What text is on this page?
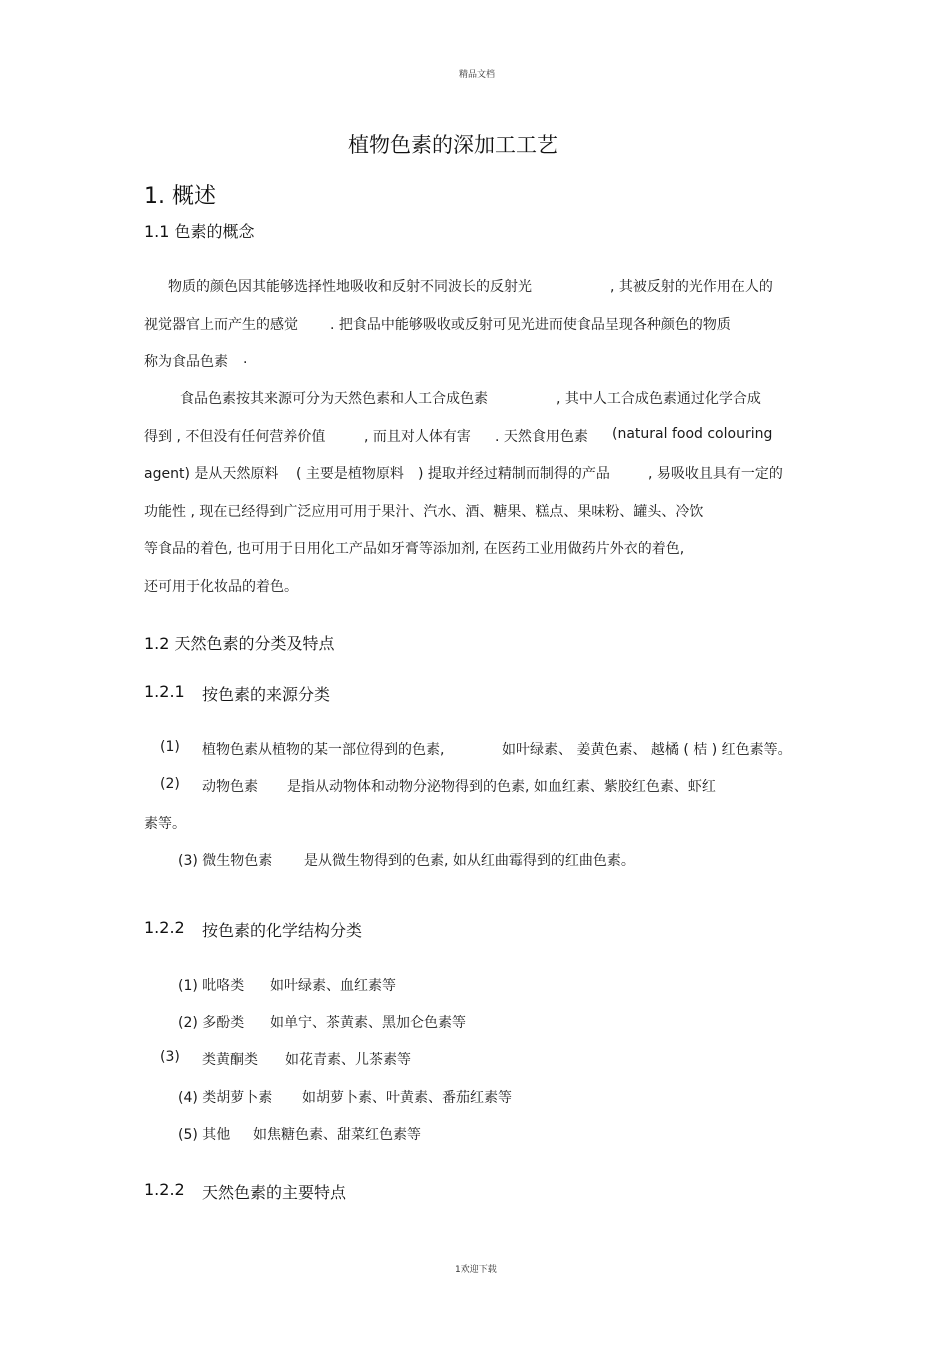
精品文档
植物色素的深加工工艺
1. 概述
1.1 色素的概念
物质的颜色因其能够选择性地吸收和反射不同波长的反射光	, 其被反射的光作用在人的
视觉器官上而产生的感觉 . 把食品中能够吸收或反射可见光进而使食品呈现各种颜色的物质
称为食品色素 .
食品色素按其来源可分为天然色素和人工合成色素	, 其中人工合成色素通过化学合成
得到 , 不但没有任何营养价值	, 而且对人体有害 . 天然食用色素 (natural food colouring
agent) 是从天然原料 ( 主要是植物原料 ) 提取并经过精制而制得的产品	, 易吸收且具有一定的
功能性 , 现在已经得到广泛应用可用于果汁、汽水、酒、糖果、糕点、果味粉、罐头、冷饮
等食品的着色, 也可用于日用化工产品如牙膏等添加剂, 在医药工业用做药片外衣的着色,
还可用于化妆品的着色。
1.2 天然色素的分类及特点
1.2.1 按色素的来源分类
(1) 植物色素从植物的某一部位得到的色素,	如叶绿素、 姜黄色素、 越橘 ( 桔 ) 红色素等。
(2) 动物色素 是指从动物体和动物分泌物得到的色素, 如血红素、紫胶红色素、虾红
素等。
(3) 微生物色素 是从微生物得到的色素, 如从红曲霉得到的红曲色素。
1.2.2 按色素的化学结构分类
(1) 吡咯类 如叶绿素、血红素等
(2) 多酚类 如单宁、茶黄素、黑加仑色素等
(3) 类黄酮类 如花青素、儿茶素等
(4) 类胡萝卜素 如胡萝卜素、叶黄素、番茄红素等
(5) 其他 如焦糖色素、甜菜红色素等
1.2.2 天然色素的主要特点
1欢迎下载
